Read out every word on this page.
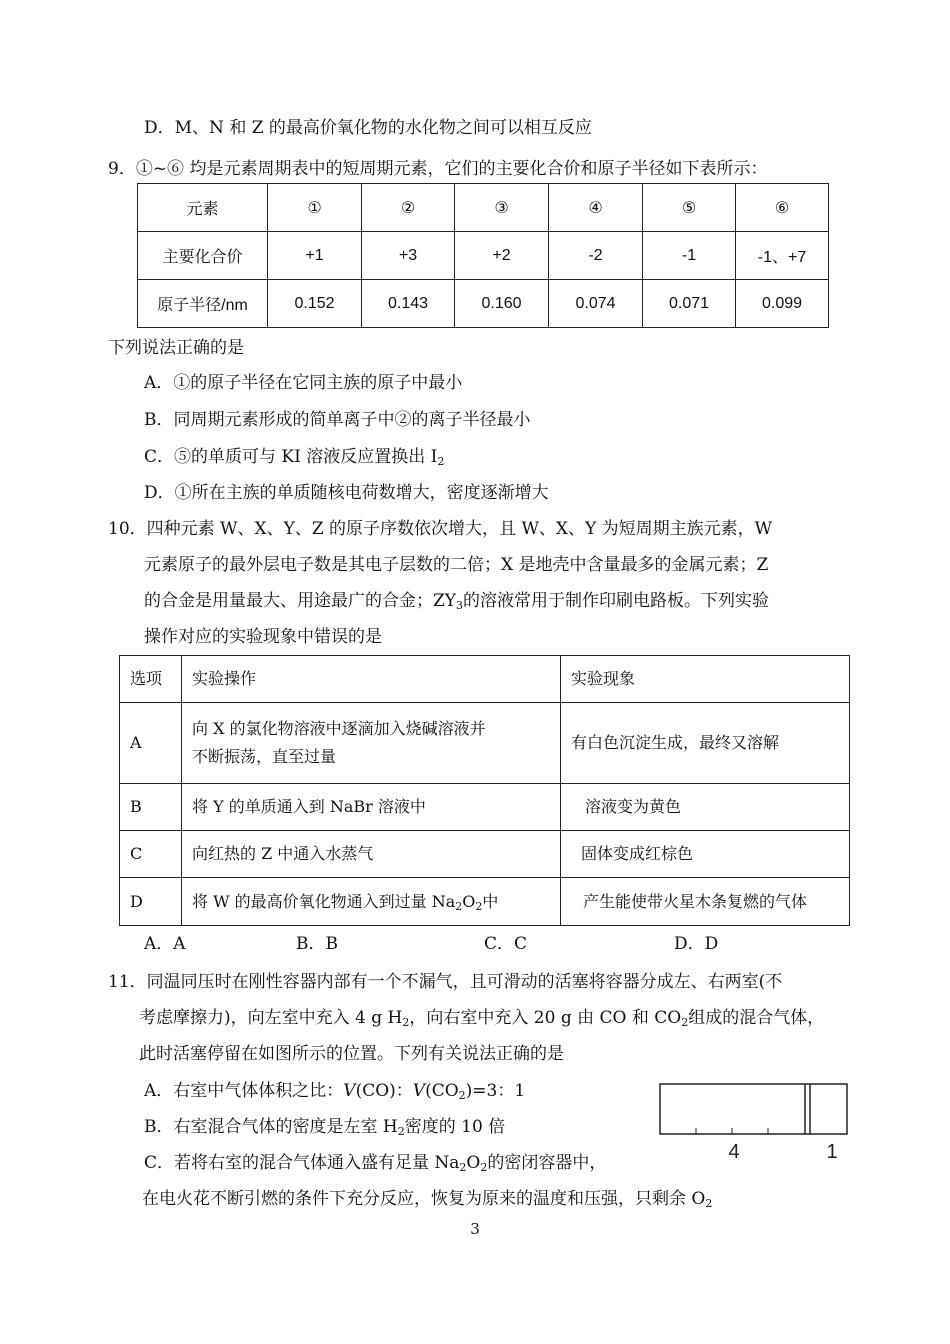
D．M、N 和 Z 的最高价氧化物的水化物之间可以相互反应
9．①~⑥ 均是元素周期表中的短周期元素，它们的主要化合价和原子半径如下表所示：
元素	①	②	③	④	⑤	⑥
主要化合价	+1	+3	+2	-2	-1	-1、+7
原子半径/nm	0.152	0.143	0.160	0.074	0.071	0.099
下列说法正确的是
A．①的原子半径在它同主族的原子中最小
B．同周期元素形成的简单离子中②的离子半径最小
C．⑤的单质可与 KI 溶液反应置换出 $I_2$
D．①所在主族的单质随核电荷数增大，密度逐渐增大
10．四种元素 W、X、Y、Z 的原子序数依次增大，且 W、X、Y 为短周期主族元素，W
元素原子的最外层电子数是其电子层数的二倍；X 是地壳中含量最多的金属元素；Z
的合金是用量最大、用途最广的合金；$ZY_3$的溶液常用于制作印刷电路板。下列实验
操作对应的实验现象中错误的是
选项	实验操作	实验现象
A	向 X 的氯化物溶液中逐滴加入烧碱溶液并
不断振荡，直至过量	有白色沉淀生成，最终又溶解
B	将 Y 的单质通入到 NaBr 溶液中	溶液变为黄色
C	向红热的 Z 中通入水蒸气	固体变成红棕色
D	将 W 的最高价氧化物通入到过量 $Na_2O_2$中	产生能使带火星木条复燃的气体
A．A	B．B	C．C	D．D
11．同温同压时在刚性容器内部有一个不漏气，且可滑动的活塞将容器分成左、右两室(不
考虑摩擦力)，向左室中充入 4 g $H_2$，向右室中充入 20 g 由 CO 和 $CO_2$组成的混合气体，
此时活塞停留在如图所示的位置。下列有关说法正确的是
A．右室中气体体积之比：V(CO)：$V(CO_2)=3$：1
B．右室混合气体的密度是左室 $H_2$密度的 10 倍
C．若将右室的混合气体通入盛有足量 $Na_2O_2$的密闭容器中，
在电火花不断引燃的条件下充分反应，恢复为原来的温度和压强，只剩余 $O_2$
4	1
3
